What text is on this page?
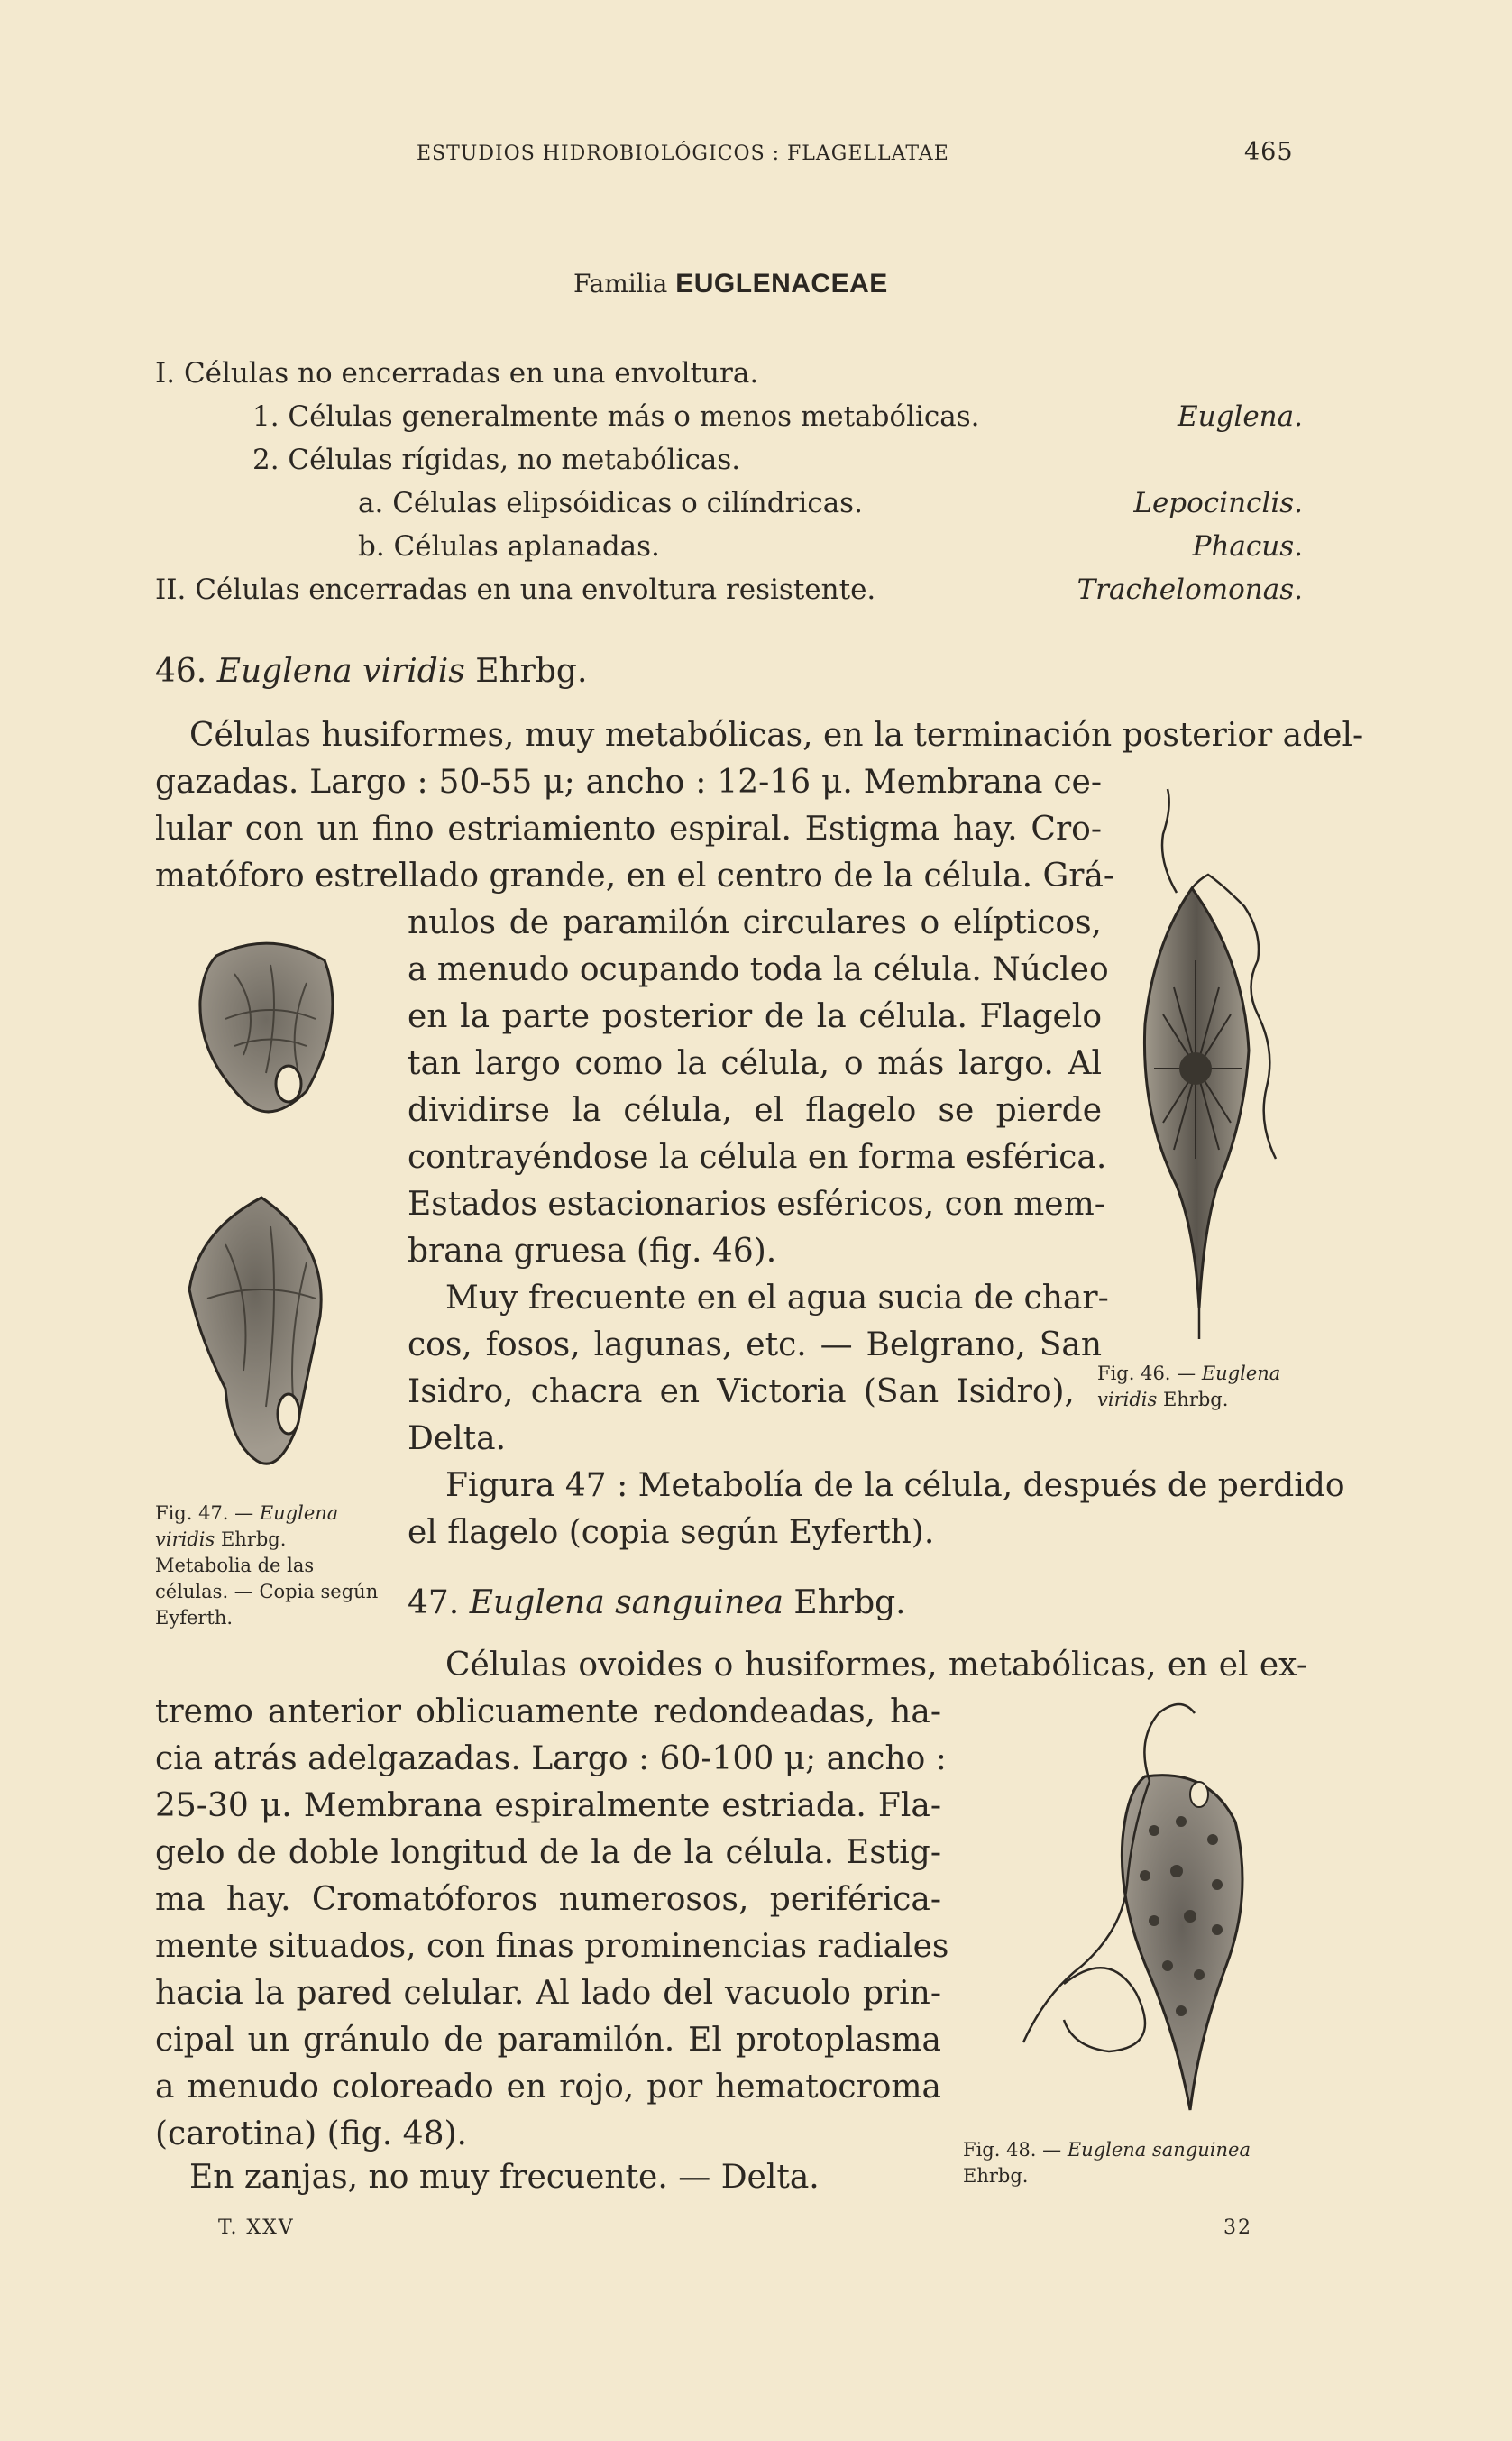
ESTUDIOS HIDROBIOLÓGICOS : FLAGELLATAE	465
Familia EUGLENACEAE
I. Células no encerradas en una envoltura.
1. Células generalmente más o menos metabólicas.	Euglena.
2. Células rígidas, no metabólicas.
a. Células elipsóidicas o cilíndricas.	Lepocinclis.
b. Células aplanadas.	Phacus.
II. Células encerradas en una envoltura resistente.	Trachelomonas.
46. Euglena viridis Ehrbg.
Células husiformes, muy metabólicas, en la terminación posterior adel-
gazadas. Largo : 50-55 μ; ancho : 12-16 μ. Membrana ce-
lular con un fino estriamiento espiral. Estigma hay. Cro-
matóforo estrellado grande, en el centro de la célula. Grá-
nulos de paramilón circulares o elípticos,
a menudo ocupando toda la célula. Núcleo
en la parte posterior de la célula. Flagelo
tan largo como la célula, o más largo. Al
dividirse la célula, el flagelo se pierde
contrayéndose la célula en forma esférica.
Estados estacionarios esféricos, con mem-
brana gruesa (fig. 46).
Muy frecuente en el agua sucia de char-
cos, fosos, lagunas, etc. — Belgrano, San
Isidro, chacra en Victoria (San Isidro),
Delta.
Figura 47 : Metabolía de la célula, después de perdido
el flagelo (copia según Eyferth).
47. Euglena sanguinea Ehrbg.
Células ovoides o husiformes, metabólicas, en el ex-
tremo anterior oblicuamente redondeadas, ha-
cia atrás adelgazadas. Largo : 60-100 μ; ancho :
25-30 μ. Membrana espiralmente estriada. Fla-
gelo de doble longitud de la de la célula. Estig-
ma hay. Cromatóforos numerosos, periférica-
mente situados, con finas prominencias radiales
hacia la pared celular. Al lado del vacuolo prin-
cipal un gránulo de paramilón. El protoplasma
a menudo coloreado en rojo, por hematocroma
(carotina) (fig. 48).
En zanjas, no muy frecuente. — Delta.
Fig. 46. — Euglena viridis Ehrbg.
Fig. 47. — Euglena viridis Ehrbg. Metabolia de las células. — Copia según Eyferth.
Fig. 48. — Euglena sanguinea Ehrbg.
T. XXV	32
